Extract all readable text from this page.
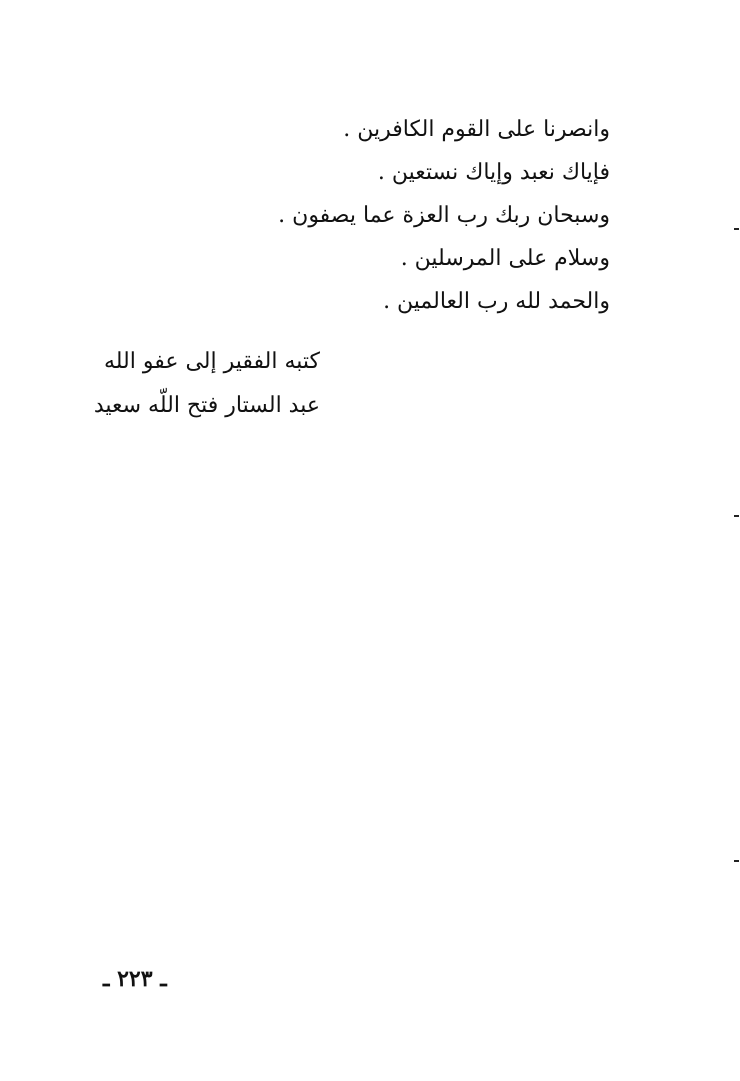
وانصرنا على القوم الكافرين .
فإياك نعبد وإياك نستعين .
وسبحان ربك رب العزة عما يصفون .
وسلام على المرسلين .
والحمد لله رب العالمين .
كتبه الفقير إلى عفو الله
عبد الستار فتح اللّه سعيد
ـ ٢٢٣ ـ
